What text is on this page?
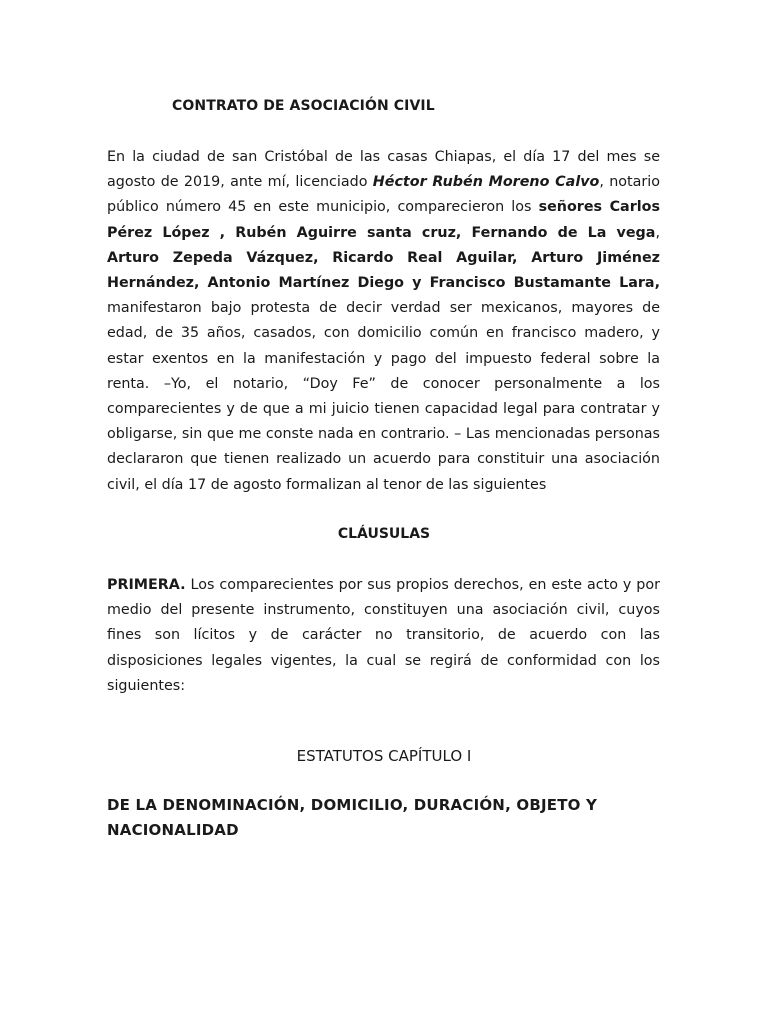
CONTRATO DE ASOCIACIÓN CIVIL

En la ciudad de san Cristóbal de las casas Chiapas, el día 17 del mes se agosto de 2019, ante mí, licenciado Héctor Rubén Moreno Calvo, notario público número 45 en este municipio, comparecieron los señores Carlos Pérez López , Rubén Aguirre santa cruz, Fernando de La vega, Arturo Zepeda Vázquez, Ricardo Real Aguilar, Arturo Jiménez Hernández, Antonio Martínez Diego y Francisco Bustamante Lara, manifestaron bajo protesta de decir verdad ser mexicanos, mayores de edad, de 35 años, casados, con domicilio común en francisco madero, y estar exentos en la manifestación y pago del impuesto federal sobre la renta. –Yo, el notario, “Doy Fe” de conocer personalmente a los comparecientes y de que a mi juicio tienen capacidad legal para contratar y obligarse, sin que me conste nada en contrario. – Las mencionadas personas declararon que tienen realizado un acuerdo para constituir una asociación civil, el día 17 de agosto formalizan al tenor de las siguientes

CLÁUSULAS

PRIMERA. Los comparecientes por sus propios derechos, en este acto y por medio del presente instrumento, constituyen una asociación civil, cuyos fines son lícitos y de carácter no transitorio, de acuerdo con las disposiciones legales vigentes, la cual se regirá de conformidad con los siguientes:

ESTATUTOS CAPÍTULO I
DE LA DENOMINACIÓN, DOMICILIO, DURACIÓN, OBJETO Y NACIONALIDAD
